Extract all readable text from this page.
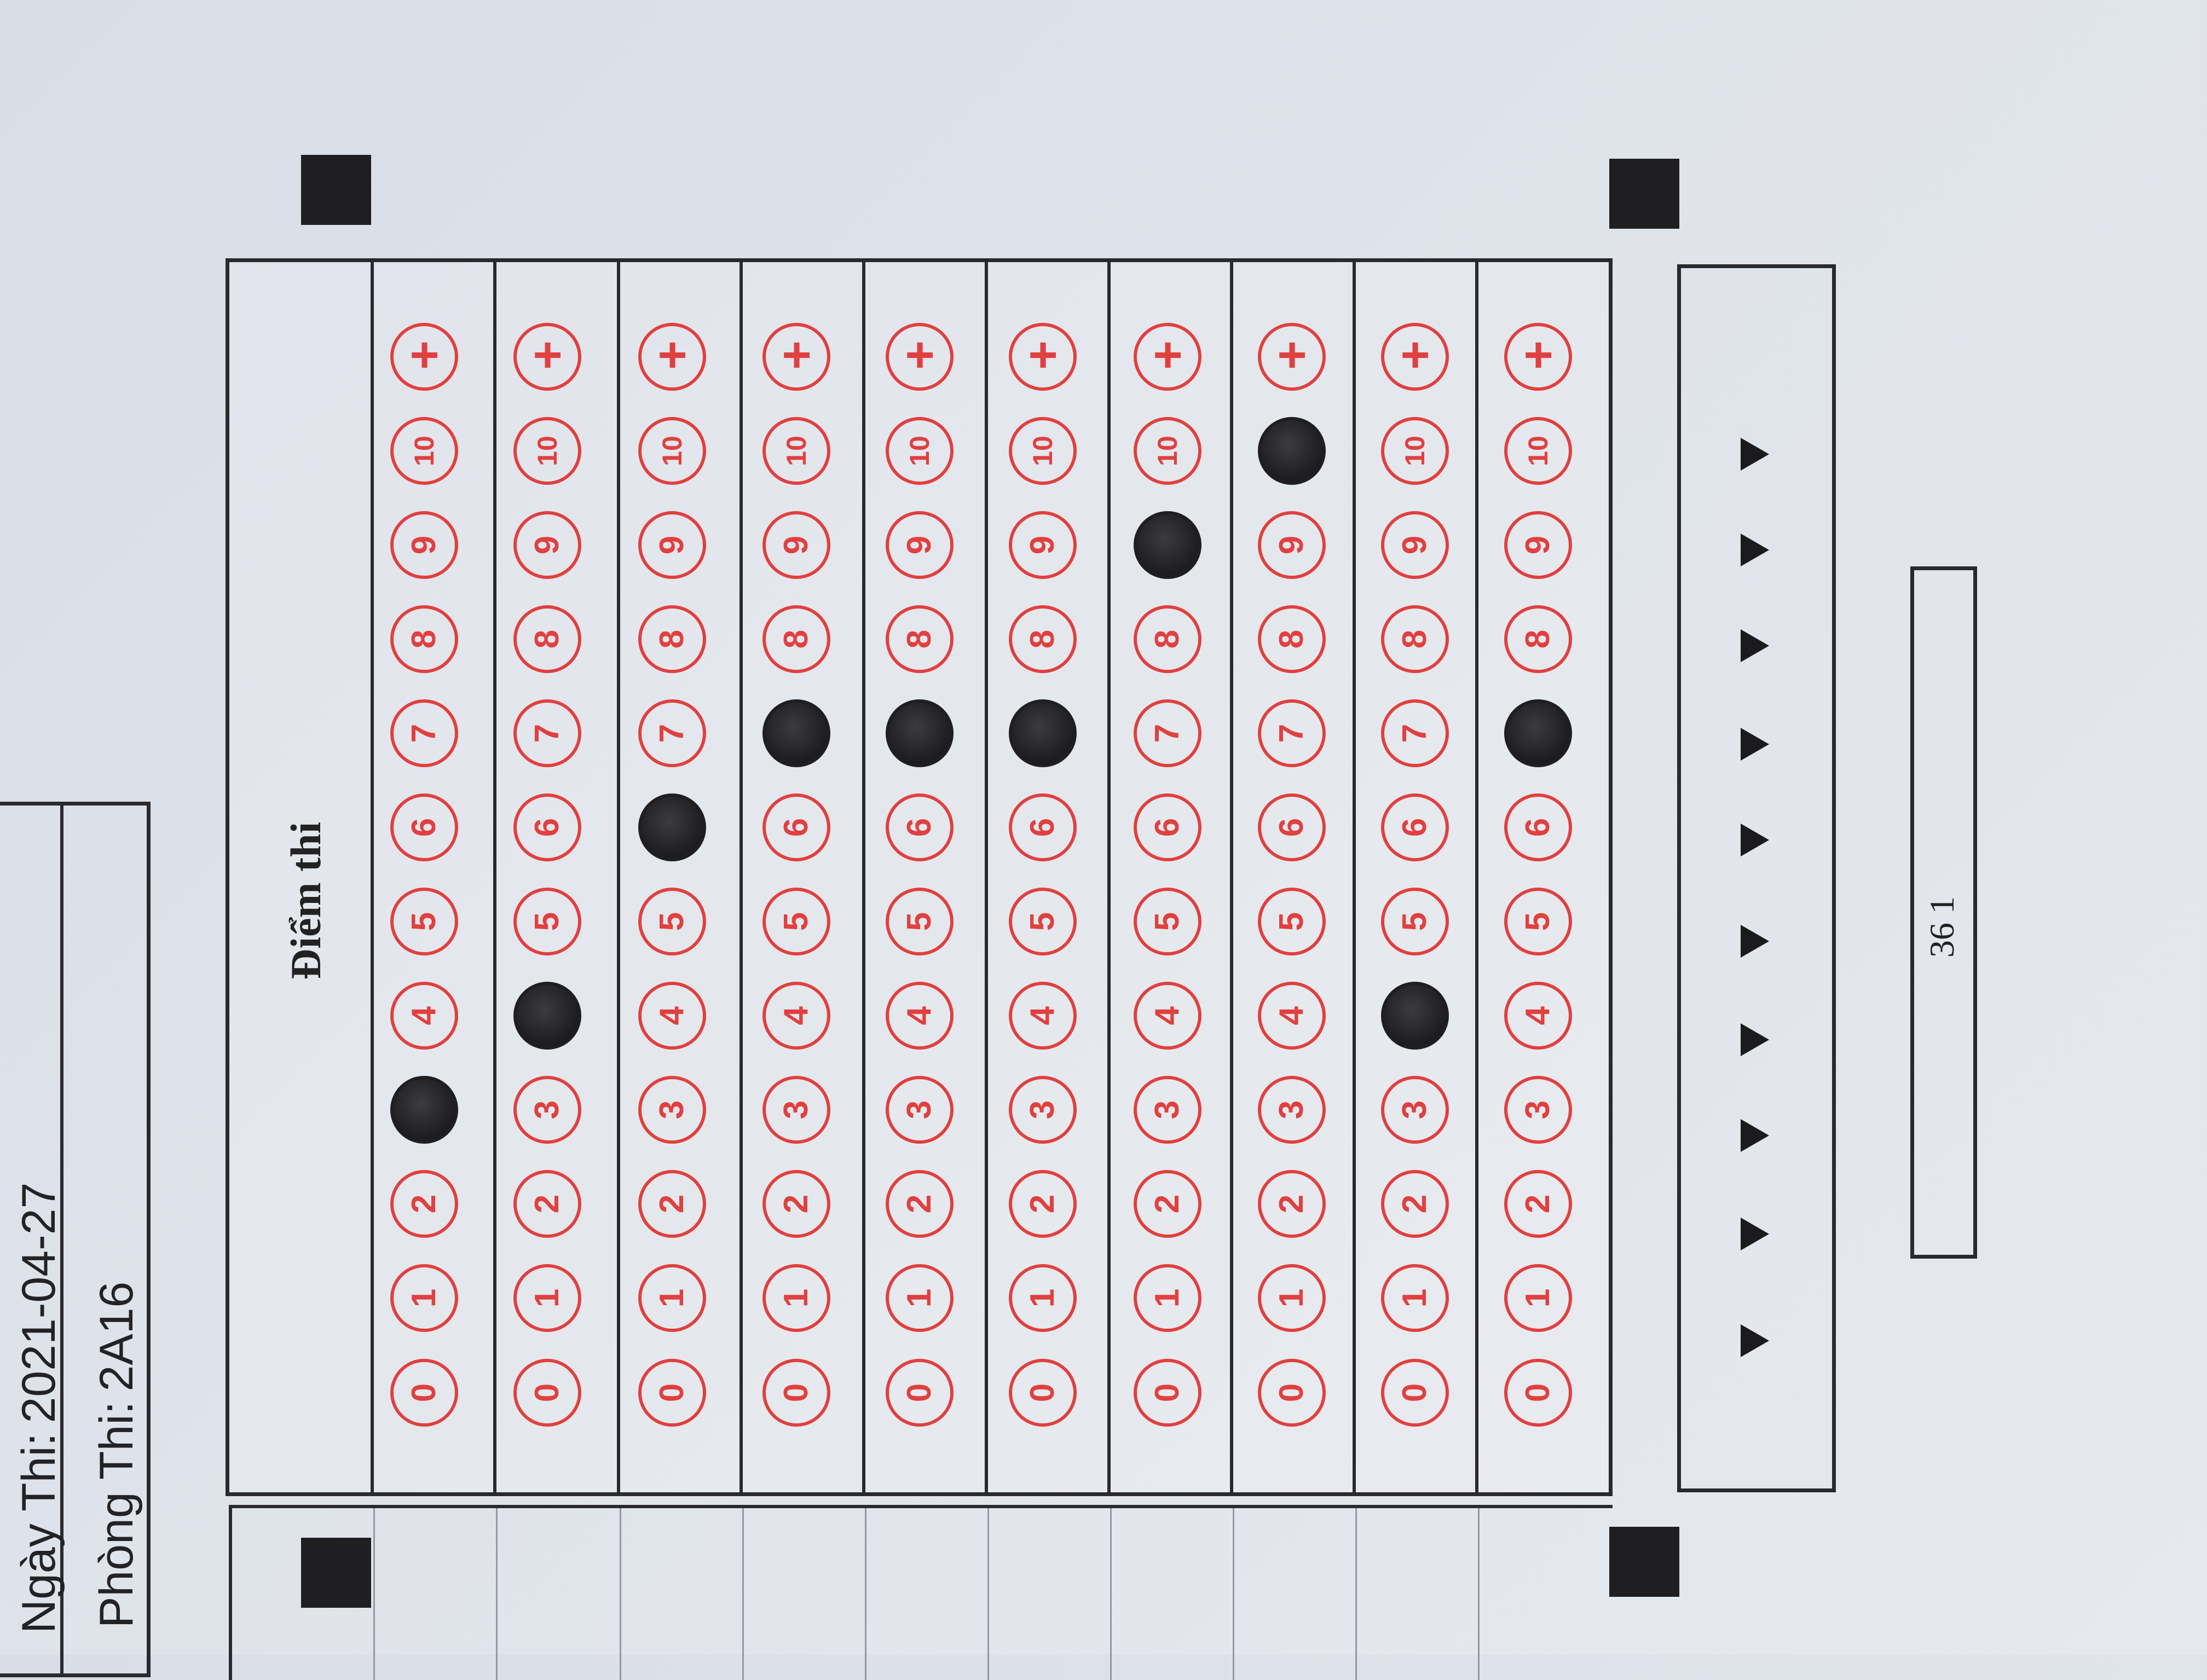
Ngày Thi:2021-04-27
Phòng Thi:2A16
Điểm thi
0
1
2
4
5
6
7
8
9
10
+
0
1
2
3
5
6
7
8
9
10
+
0
1
2
3
4
5
7
8
9
10
+
0
1
2
3
4
5
6
8
9
10
+
0
1
2
3
4
5
6
8
9
10
+
0
1
2
3
4
5
6
8
9
10
+
0
1
2
3
4
5
6
7
8
10
+
0
1
2
3
4
5
6
7
8
9
+
0
1
2
3
5
6
7
8
9
10
+
0
1
2
3
4
5
6
8
9
10
+
36 1
